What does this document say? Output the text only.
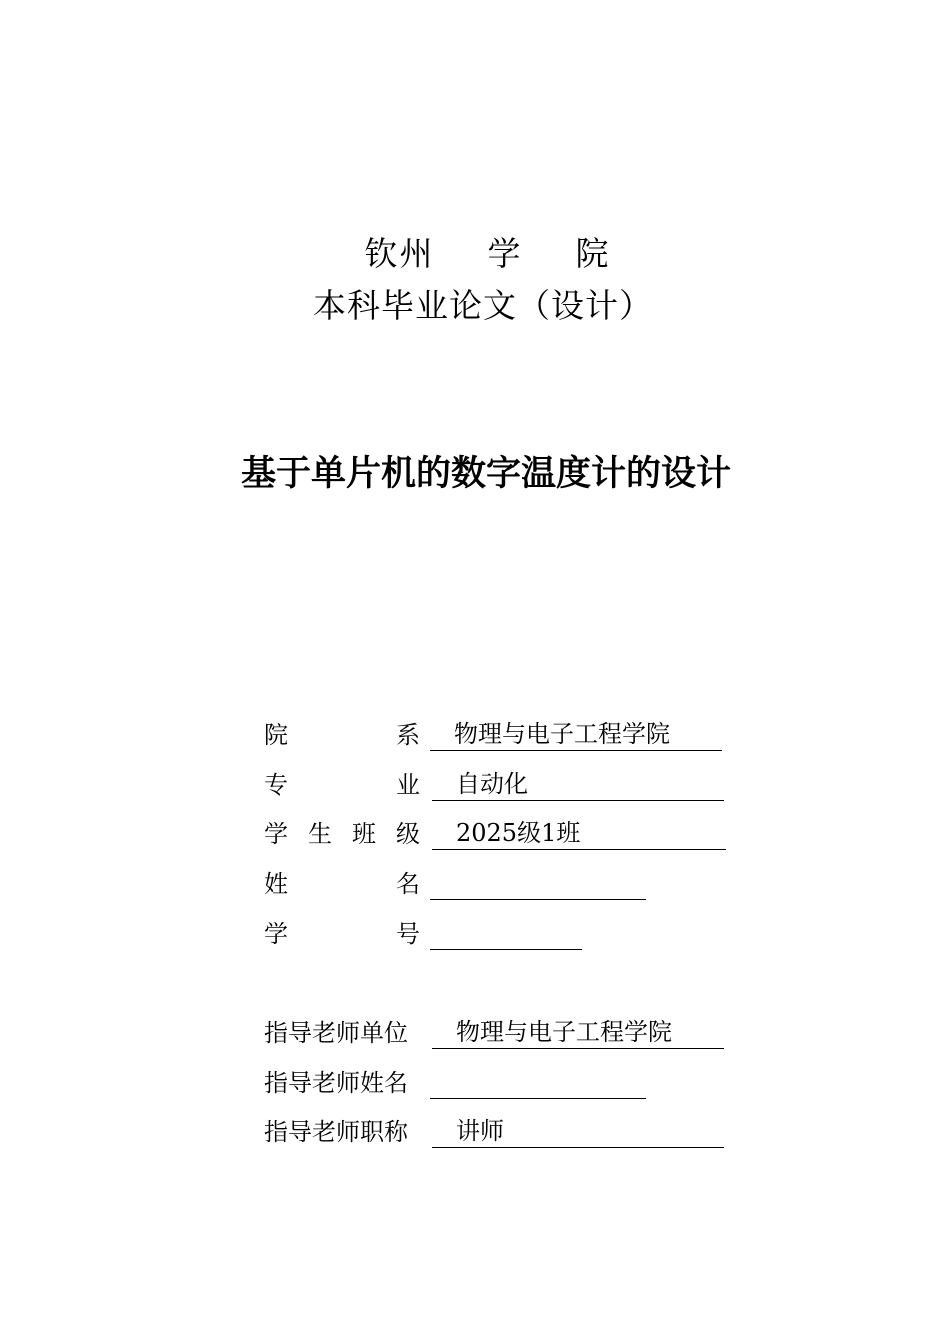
钦州  学  院
本科毕业论文（设计）
基于单片机的数字温度计的设计
院	系	物理与电子工程学院
专	业	自动化
学 生 班 级	2025级1班
姓	名
学	号
指导老师单位	物理与电子工程学院
指导老师姓名
指导老师职称	讲师
